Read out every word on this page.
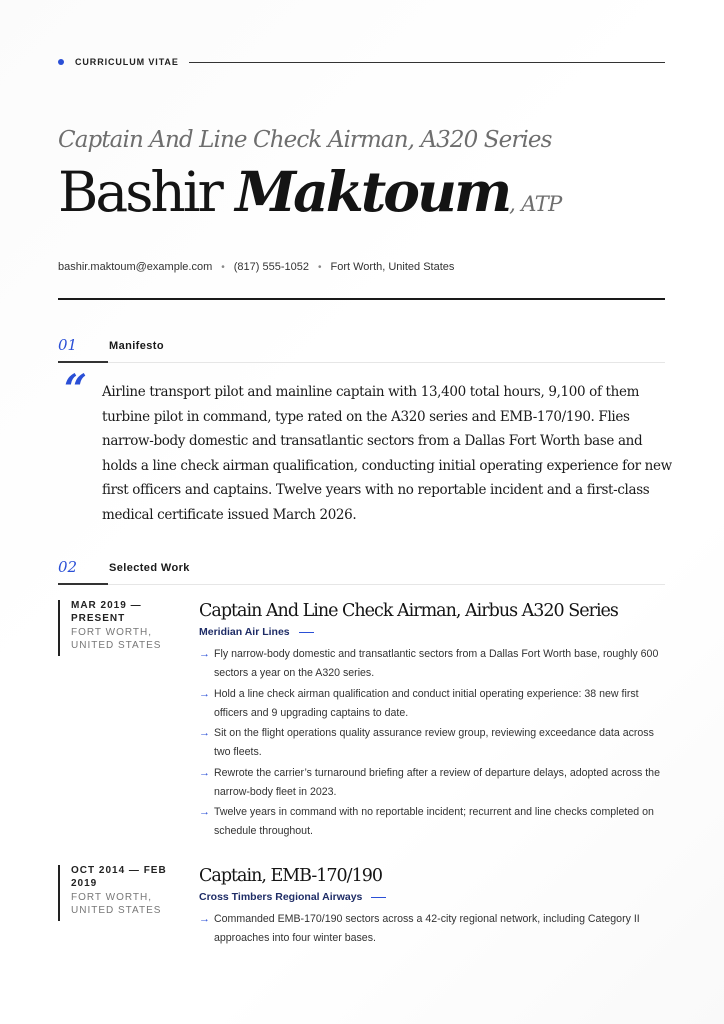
CURRICULUM VITAE
Captain And Line Check Airman, A320 Series
Bashir Maktoum, ATP
bashir.maktoum@example.com • (817) 555-1052 • Fort Worth, United States
01	Manifesto
“ Airline transport pilot and mainline captain with 13,400 total hours, 9,100 of them turbine pilot in command, type rated on the A320 series and EMB-170/190. Flies narrow-body domestic and transatlantic sectors from a Dallas Fort Worth base and holds a line check airman qualification, conducting initial operating experience for new first officers and captains. Twelve years with no reportable incident and a first-class medical certificate issued March 2026.

02	Selected Work
MAR 2019 — PRESENT
FORT WORTH, UNITED STATES
Captain And Line Check Airman, Airbus A320 Series
Meridian Air Lines
→ Fly narrow-body domestic and transatlantic sectors from a Dallas Fort Worth base, roughly 600 sectors a year on the A320 series.
→ Hold a line check airman qualification and conduct initial operating experience: 38 new first officers and 9 upgrading captains to date.
→ Sit on the flight operations quality assurance review group, reviewing exceedance data across two fleets.
→ Rewrote the carrier’s turnaround briefing after a review of departure delays, adopted across the narrow-body fleet in 2023.
→ Twelve years in command with no reportable incident; recurrent and line checks completed on schedule throughout.
OCT 2014 — FEB 2019
FORT WORTH, UNITED STATES
Captain, EMB-170/190
Cross Timbers Regional Airways
→ Commanded EMB-170/190 sectors across a 42-city regional network, including Category II approaches into four winter bases.
